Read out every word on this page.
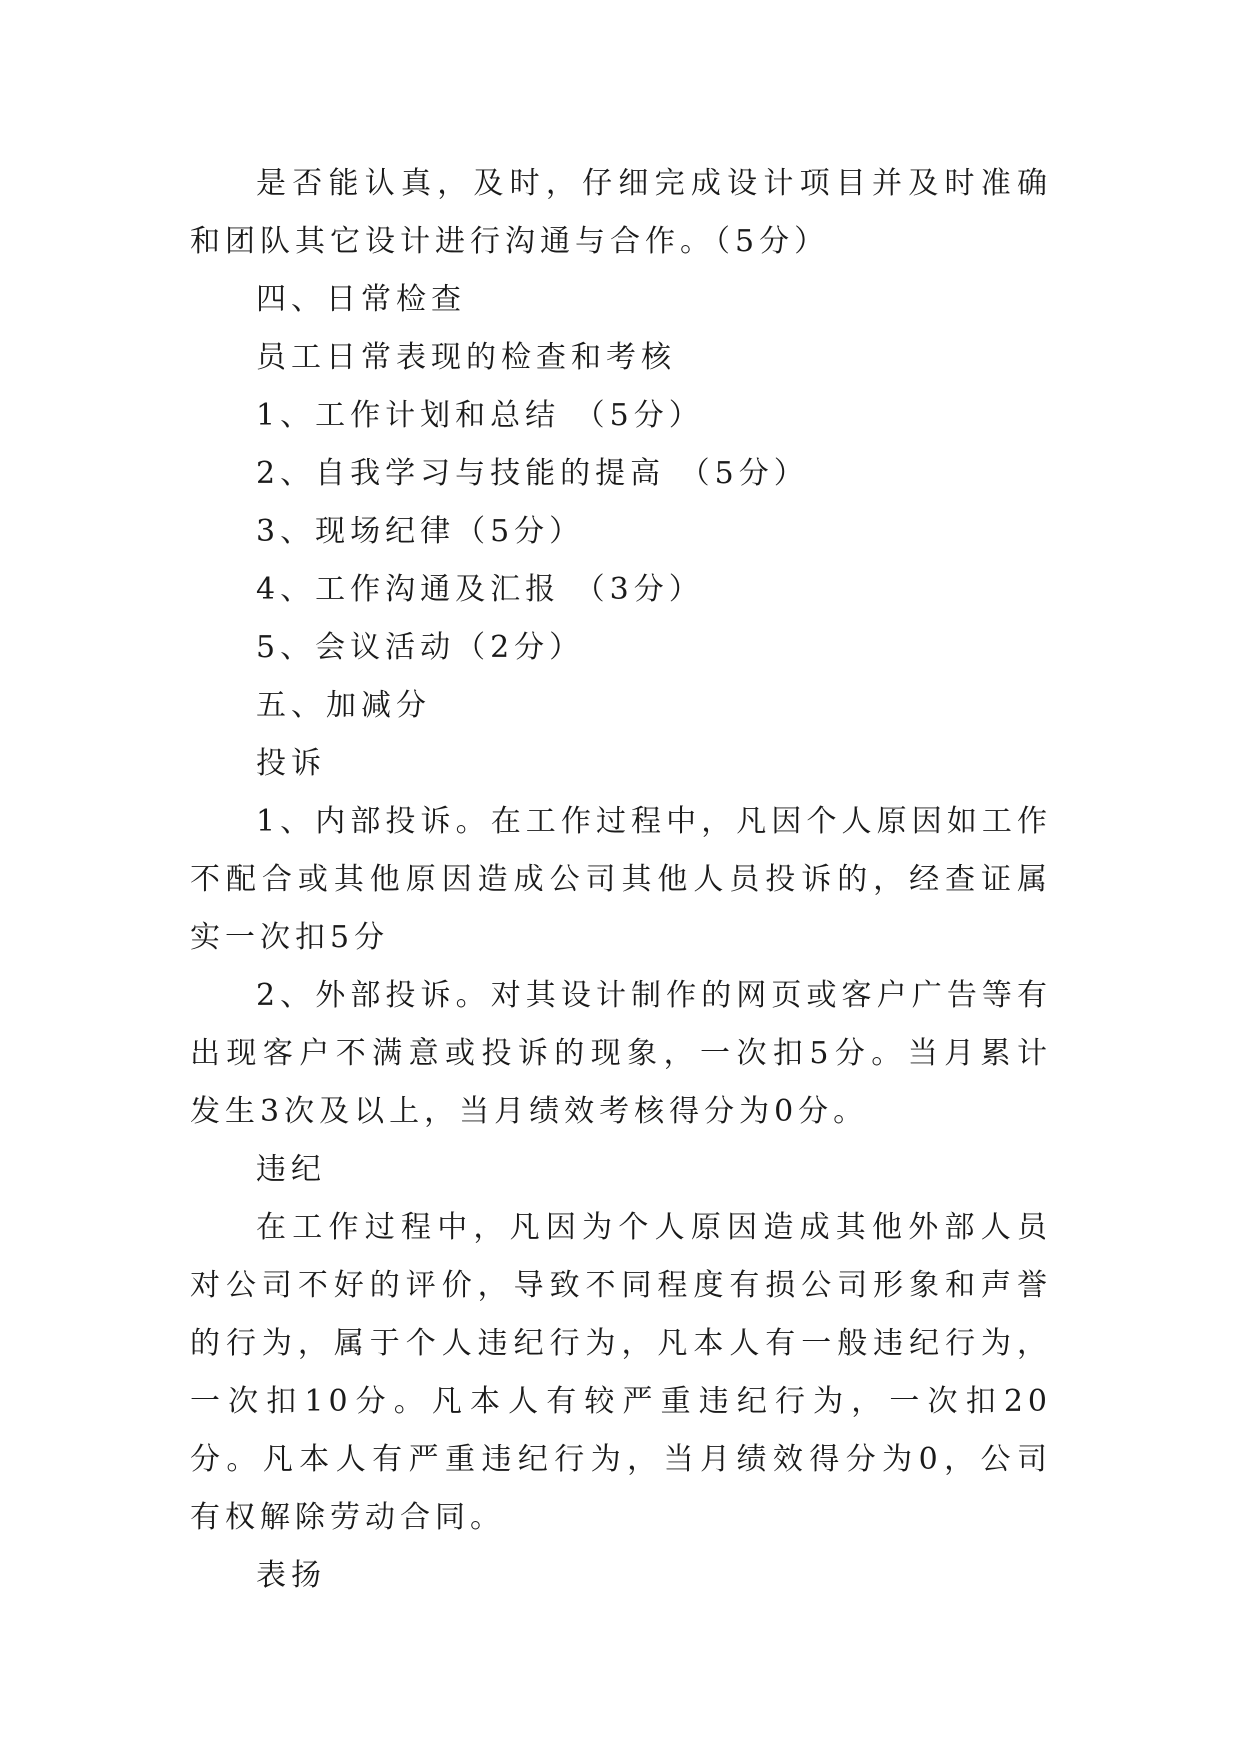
是否能认真，及时，仔细完成设计项目并及时准确和团队其它设计进行沟通与合作。（5分）

四、日常检查

员工日常表现的检查和考核

1、工作计划和总结 （5分）

2、自我学习与技能的提高 （5分）

3、现场纪律（5分）

4、工作沟通及汇报 （3分）

5、会议活动（2分）

五、加减分

投诉

1、内部投诉。在工作过程中，凡因个人原因如工作不配合或其他原因造成公司其他人员投诉的，经查证属实一次扣5分

2、外部投诉。对其设计制作的网页或客户广告等有出现客户不满意或投诉的现象，一次扣5分。当月累计发生3次及以上，当月绩效考核得分为0分。

违纪

在工作过程中，凡因为个人原因造成其他外部人员对公司不好的评价，导致不同程度有损公司形象和声誉的行为，属于个人违纪行为，凡本人有一般违纪行为，一次扣10分。凡本人有较严重违纪行为，一次扣20分。凡本人有严重违纪行为，当月绩效得分为0，公司有权解除劳动合同。

表扬
